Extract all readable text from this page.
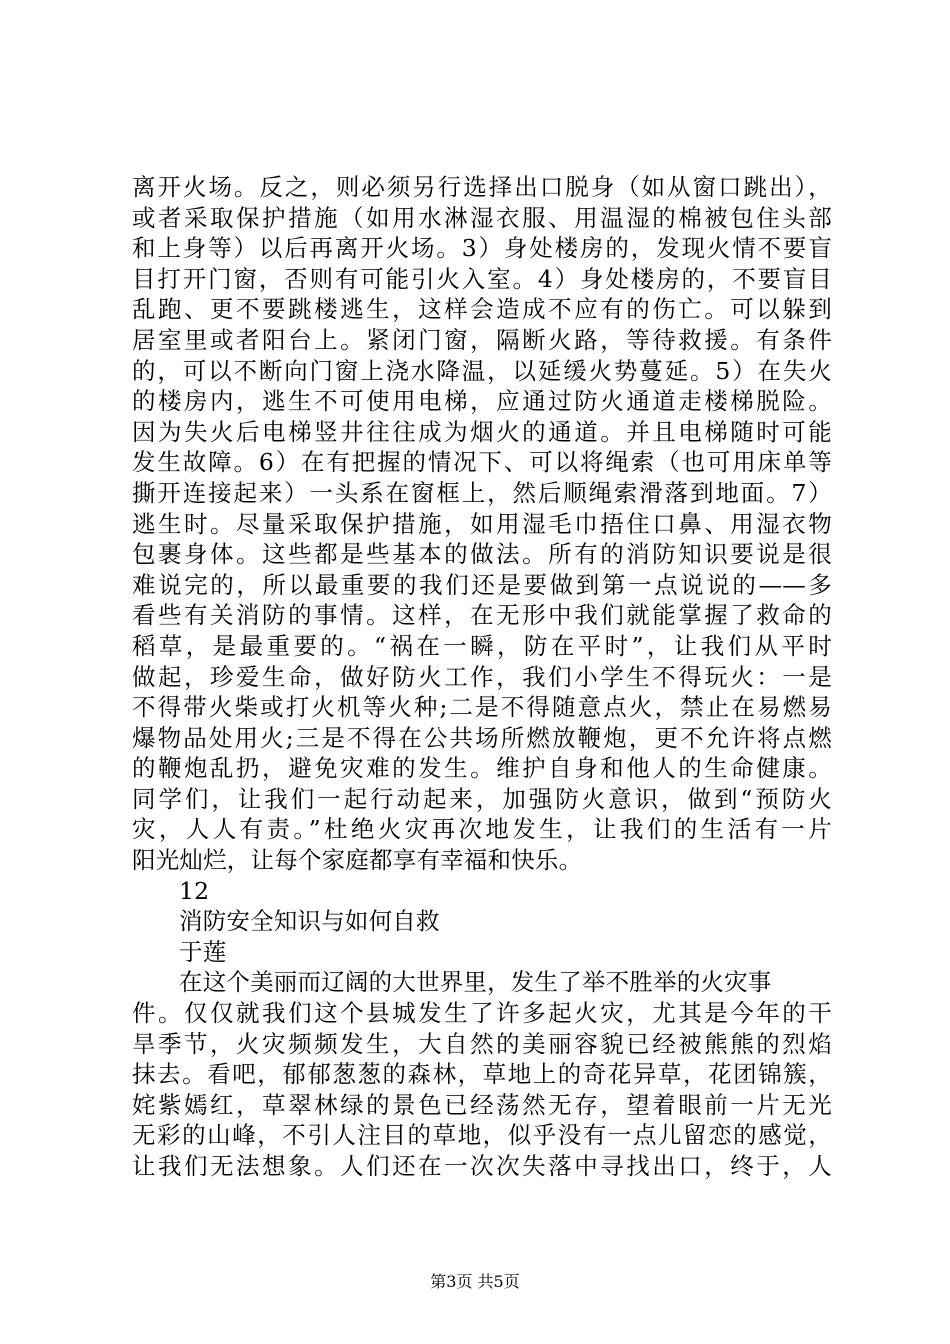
离开火场。反之，则必须另行选择出口脱身（如从窗口跳出），
或者采取保护措施（如用水淋湿衣服、用温湿的棉被包住头部
和上身等）以后再离开火场。3）身处楼房的，发现火情不要盲
目打开门窗，否则有可能引火入室。4）身处楼房的，不要盲目
乱跑、更不要跳楼逃生，这样会造成不应有的伤亡。可以躲到
居室里或者阳台上。紧闭门窗，隔断火路，等待救援。有条件
的，可以不断向门窗上浇水降温，以延缓火势蔓延。5）在失火
的楼房内，逃生不可使用电梯，应通过防火通道走楼梯脱险。
因为失火后电梯竖井往往成为烟火的通道。并且电梯随时可能
发生故障。6）在有把握的情况下、可以将绳索（也可用床单等
撕开连接起来）一头系在窗框上，然后顺绳索滑落到地面。7）
逃生时。尽量采取保护措施，如用湿毛巾捂住口鼻、用湿衣物
包裹身体。这些都是些基本的做法。所有的消防知识要说是很
难说完的，所以最重要的我们还是要做到第一点说说的——多
看些有关消防的事情。这样，在无形中我们就能掌握了救命的
稻草，是最重要的。“祸在一瞬，防在平时”，让我们从平时
做起，珍爱生命，做好防火工作，我们小学生不得玩火：一是
不得带火柴或打火机等火种;二是不得随意点火，禁止在易燃易
爆物品处用火;三是不得在公共场所燃放鞭炮，更不允许将点燃
的鞭炮乱扔，避免灾难的发生。维护自身和他人的生命健康。
同学们，让我们一起行动起来，加强防火意识，做到“预防火
灾，人人有责。”杜绝火灾再次地发生，让我们的生活有一片
阳光灿烂，让每个家庭都享有幸福和快乐。
12
消防安全知识与如何自救
于莲
在这个美丽而辽阔的大世界里，发生了举不胜举的火灾事
件。仅仅就我们这个县城发生了许多起火灾，尤其是今年的干
旱季节，火灾频频发生，大自然的美丽容貌已经被熊熊的烈焰
抹去。看吧，郁郁葱葱的森林，草地上的奇花异草，花团锦簇，
姹紫嫣红，草翠林绿的景色已经荡然无存，望着眼前一片无光
无彩的山峰，不引人注目的草地，似乎没有一点儿留恋的感觉，
让我们无法想象。人们还在一次次失落中寻找出口，终于，人
第3页 共5页
